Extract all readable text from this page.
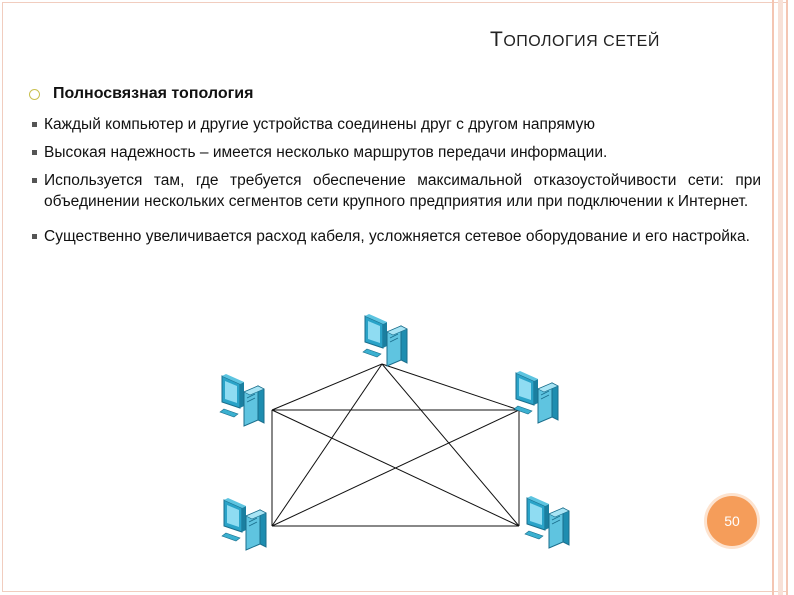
ТОПОЛОГИЯ СЕТЕЙ
Полносвязная топология
Каждый компьютер и другие устройства соединены друг с другом напрямую
Высокая надежность – имеется несколько маршрутов передачи информации.
Используется там, где требуется обеспечение максимальной отказоустойчивости сети: при объединении нескольких сегментов сети крупного предприятия или при подключении к Интернет.
Существенно увеличивается расход кабеля, усложняется сетевое оборудование и его настройка.
50
